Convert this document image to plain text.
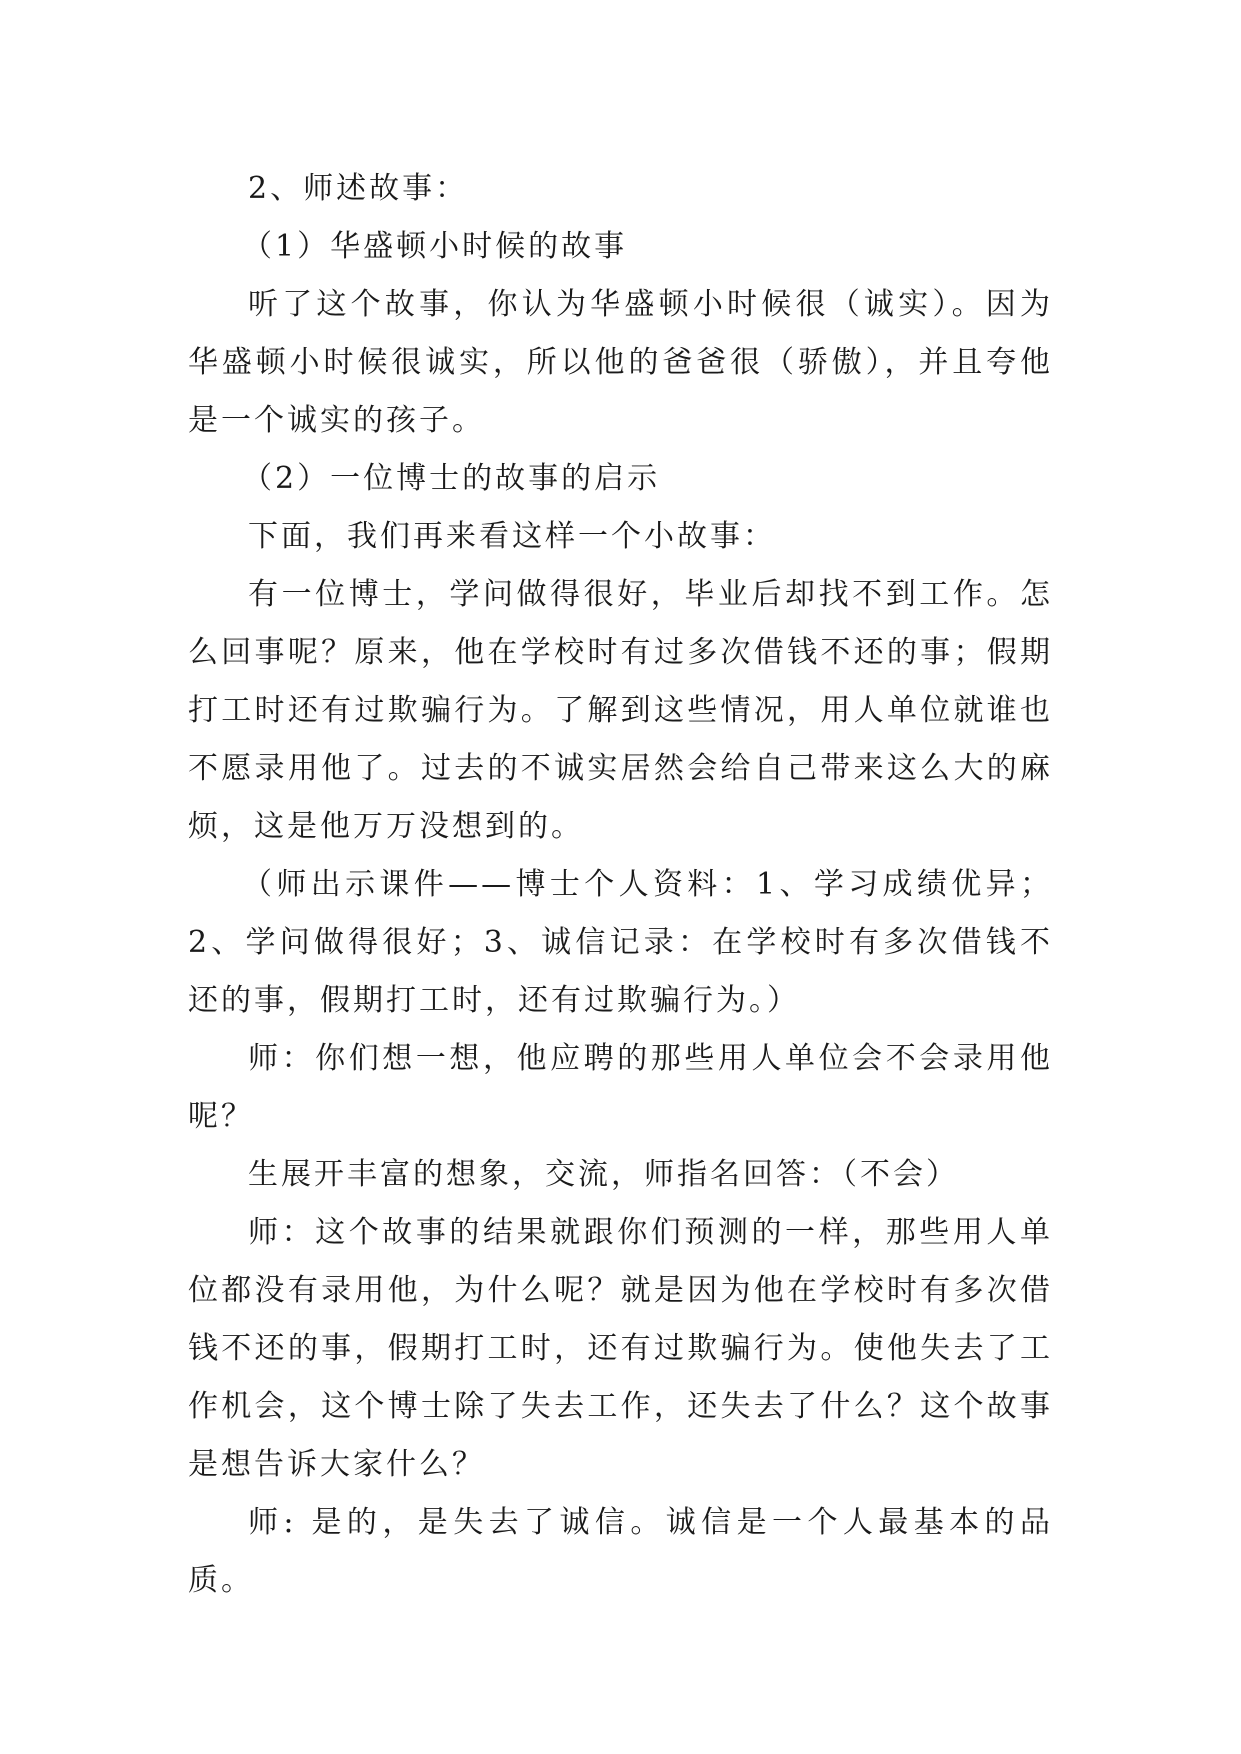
2、师述故事：

（1）华盛顿小时候的故事

听了这个故事，你认为华盛顿小时候很（诚实）。因为华盛顿小时候很诚实，所以他的爸爸很（骄傲），并且夸他是一个诚实的孩子。

（2）一位博士的故事的启示

下面，我们再来看这样一个小故事：

有一位博士，学问做得很好，毕业后却找不到工作。怎么回事呢？原来，他在学校时有过多次借钱不还的事；假期打工时还有过欺骗行为。了解到这些情况，用人单位就谁也不愿录用他了。过去的不诚实居然会给自己带来这么大的麻烦，这是他万万没想到的。

（师出示课件——博士个人资料：1、学习成绩优异；2、学问做得很好；3、诚信记录：在学校时有多次借钱不还的事，假期打工时，还有过欺骗行为。）

师：你们想一想，他应聘的那些用人单位会不会录用他呢？

生展开丰富的想象，交流，师指名回答：（不会）

师：这个故事的结果就跟你们预测的一样，那些用人单位都没有录用他，为什么呢？就是因为他在学校时有多次借钱不还的事，假期打工时，还有过欺骗行为。使他失去了工作机会，这个博士除了失去工作，还失去了什么？这个故事是想告诉大家什么？

师: 是的，是失去了诚信。诚信是一个人最基本的品质。
